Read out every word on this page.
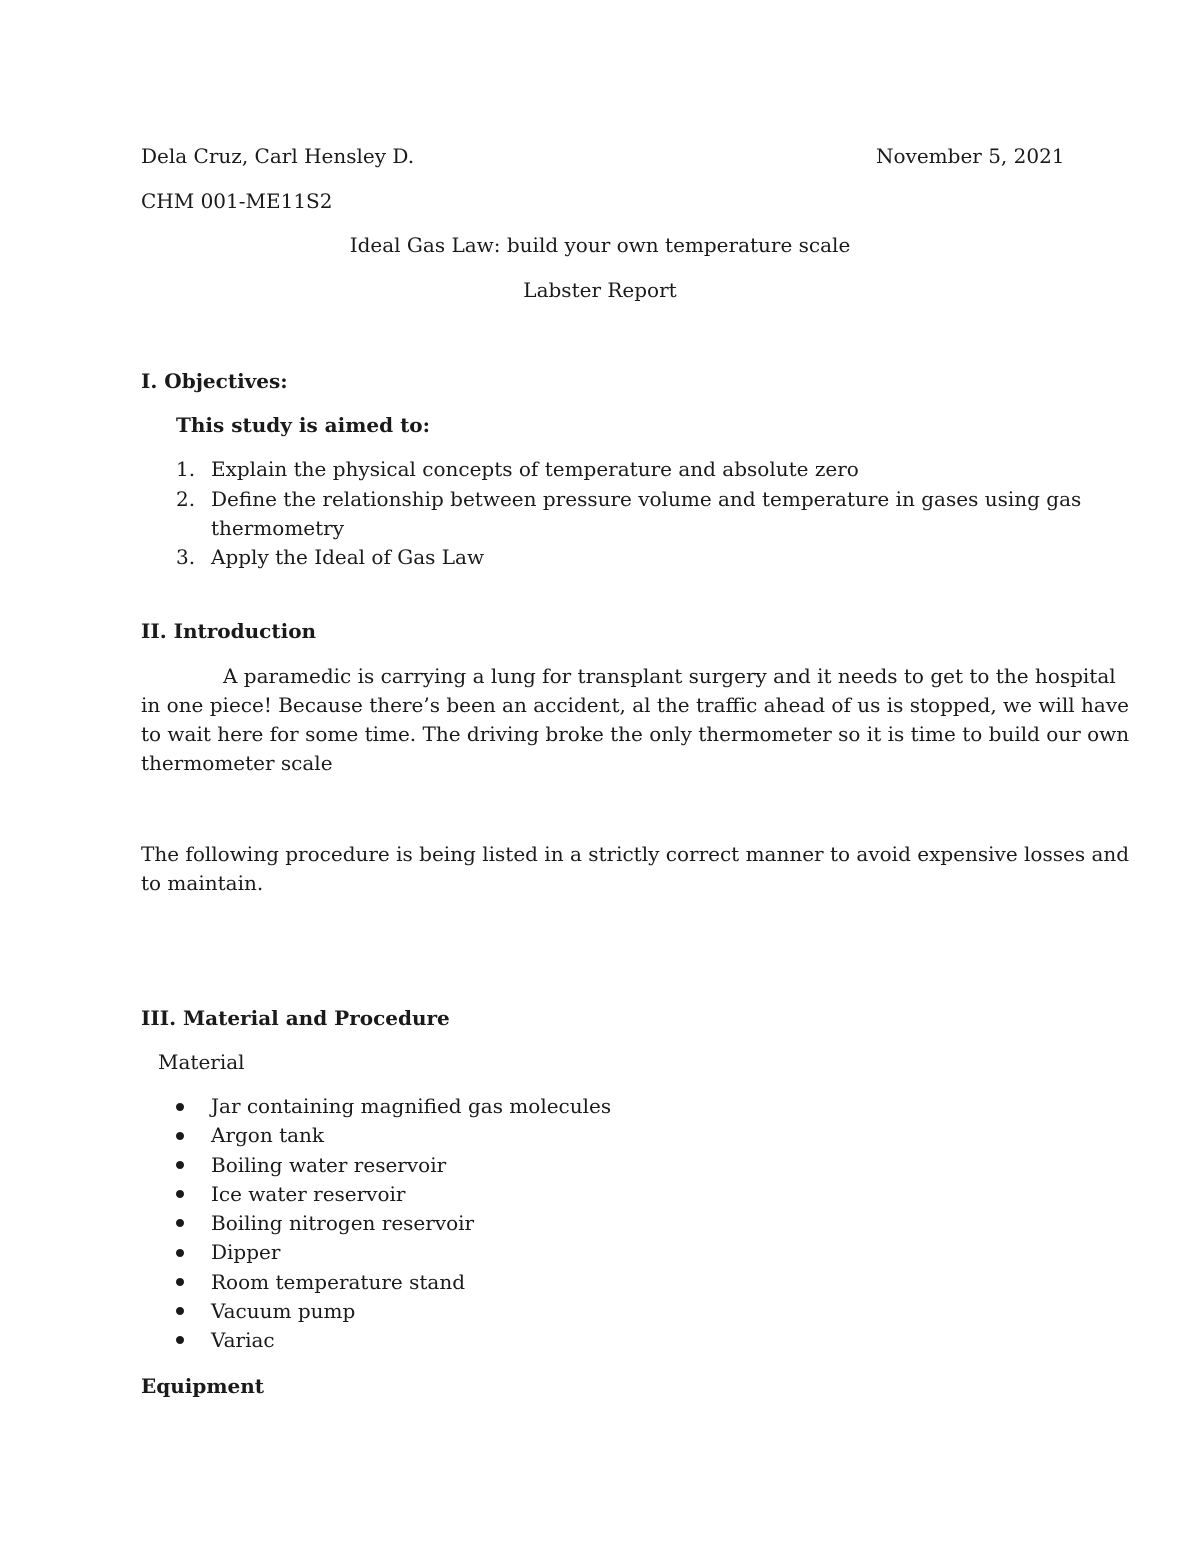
Dela Cruz, Carl Hensley D.	November 5, 2021
CHM 001-ME11S2
Ideal Gas Law: build your own temperature scale
Labster Report
I. Objectives:
This study is aimed to:
1. Explain the physical concepts of temperature and absolute zero
2. Define the relationship between pressure volume and temperature in gases using gas
thermometry
3. Apply the Ideal of Gas Law
II. Introduction
A paramedic is carrying a lung for transplant surgery and it needs to get to the hospital
in one piece! Because there’s been an accident, al the traffic ahead of us is stopped, we will have
to wait here for some time. The driving broke the only thermometer so it is time to build our own
thermometer scale
The following procedure is being listed in a strictly correct manner to avoid expensive losses and
to maintain.
III. Material and Procedure
Material
Jar containing magnified gas molecules
Argon tank
Boiling water reservoir
Ice water reservoir
Boiling nitrogen reservoir
Dipper
Room temperature stand
Vacuum pump
Variac
Equipment
